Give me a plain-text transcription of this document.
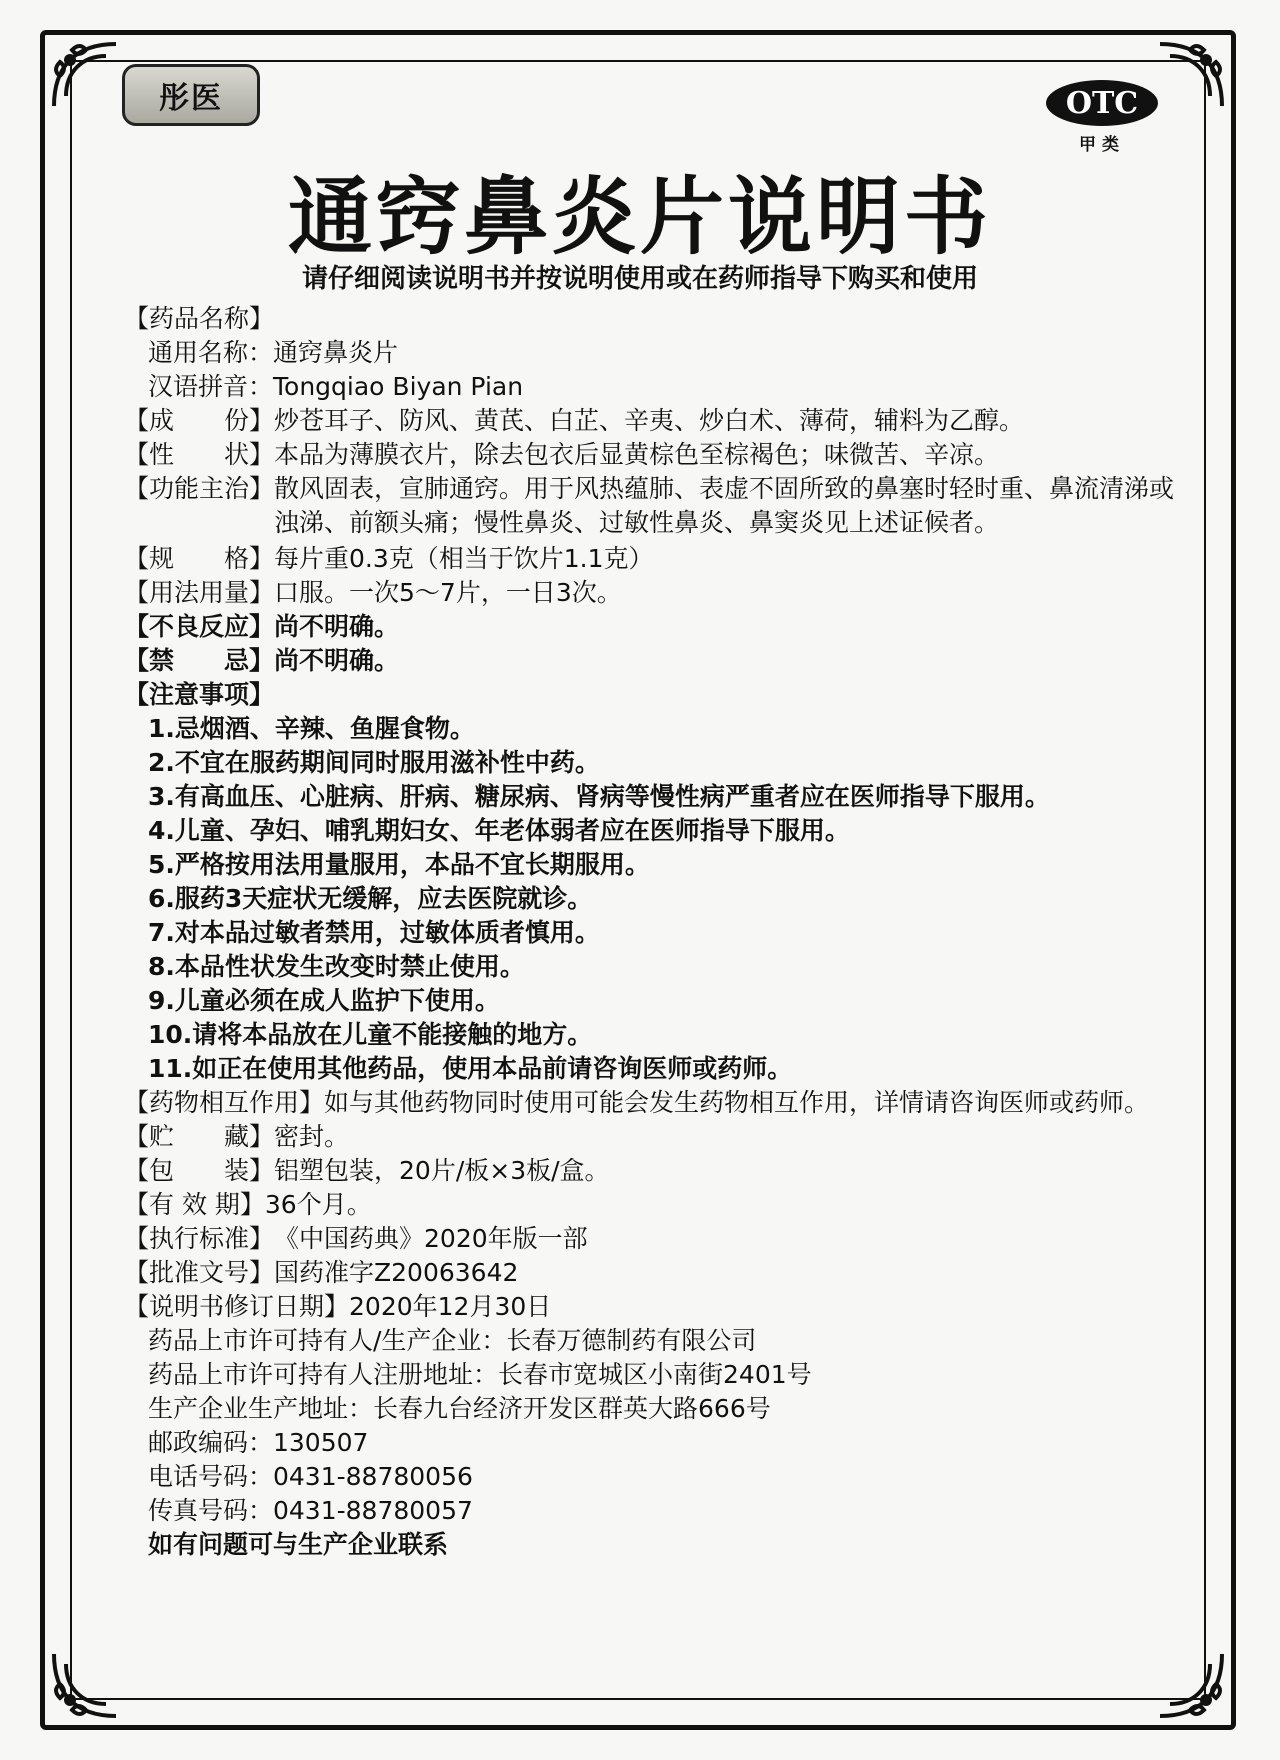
彤医	OTC
甲类
通窍鼻炎片说明书
请仔细阅读说明书并按说明使用或在药师指导下购买和使用
【药品名称】
通用名称： 通窍鼻炎片
汉语拼音： Tongqiao Biyan Pian
【成　　份】 炒苍耳子、防风、黄芪、白芷、辛夷、炒白术、薄荷，辅料为乙醇。
【性　　状】 本品为薄膜衣片，除去包衣后显黄棕色至棕褐色；味微苦、辛凉。
【功能主治】 散风固表，宣肺通窍。用于风热蕴肺、表虚不固所致的鼻塞时轻时重、鼻流清涕或浊涕、前额头痛；慢性鼻炎、过敏性鼻炎、鼻窦炎见上述证候者。
【规　　格】 每片重0.3克（相当于饮片1.1克）
【用法用量】 口服。一次5～7片，一日3次。
【不良反应】 尚不明确。
【禁　　忌】 尚不明确。
【注意事项】
1.忌烟酒、辛辣、鱼腥食物。
2.不宜在服药期间同时服用滋补性中药。
3.有高血压、心脏病、肝病、糖尿病、肾病等慢性病严重者应在医师指导下服用。
4.儿童、孕妇、哺乳期妇女、年老体弱者应在医师指导下服用。
5.严格按用法用量服用，本品不宜长期服用。
6.服药3天症状无缓解，应去医院就诊。
7.对本品过敏者禁用，过敏体质者慎用。
8.本品性状发生改变时禁止使用。
9.儿童必须在成人监护下使用。
10.请将本品放在儿童不能接触的地方。
11.如正在使用其他药品，使用本品前请咨询医师或药师。
【药物相互作用】 如与其他药物同时使用可能会发生药物相互作用，详情请咨询医师或药师。
【贮　　藏】 密封。
【包　　装】 铝塑包装，20片/板×3板/盒。
【有 效 期】 36个月。
【执行标准】 《中国药典》2020年版一部
【批准文号】 国药准字Z20063642
【说明书修订日期】 2020年12月30日
药品上市许可持有人/生产企业：长春万德制药有限公司
药品上市许可持有人注册地址：长春市宽城区小南街2401号
生产企业生产地址：长春九台经济开发区群英大路666号
邮政编码：130507
电话号码：0431-88780056
传真号码：0431-88780057
如有问题可与生产企业联系
